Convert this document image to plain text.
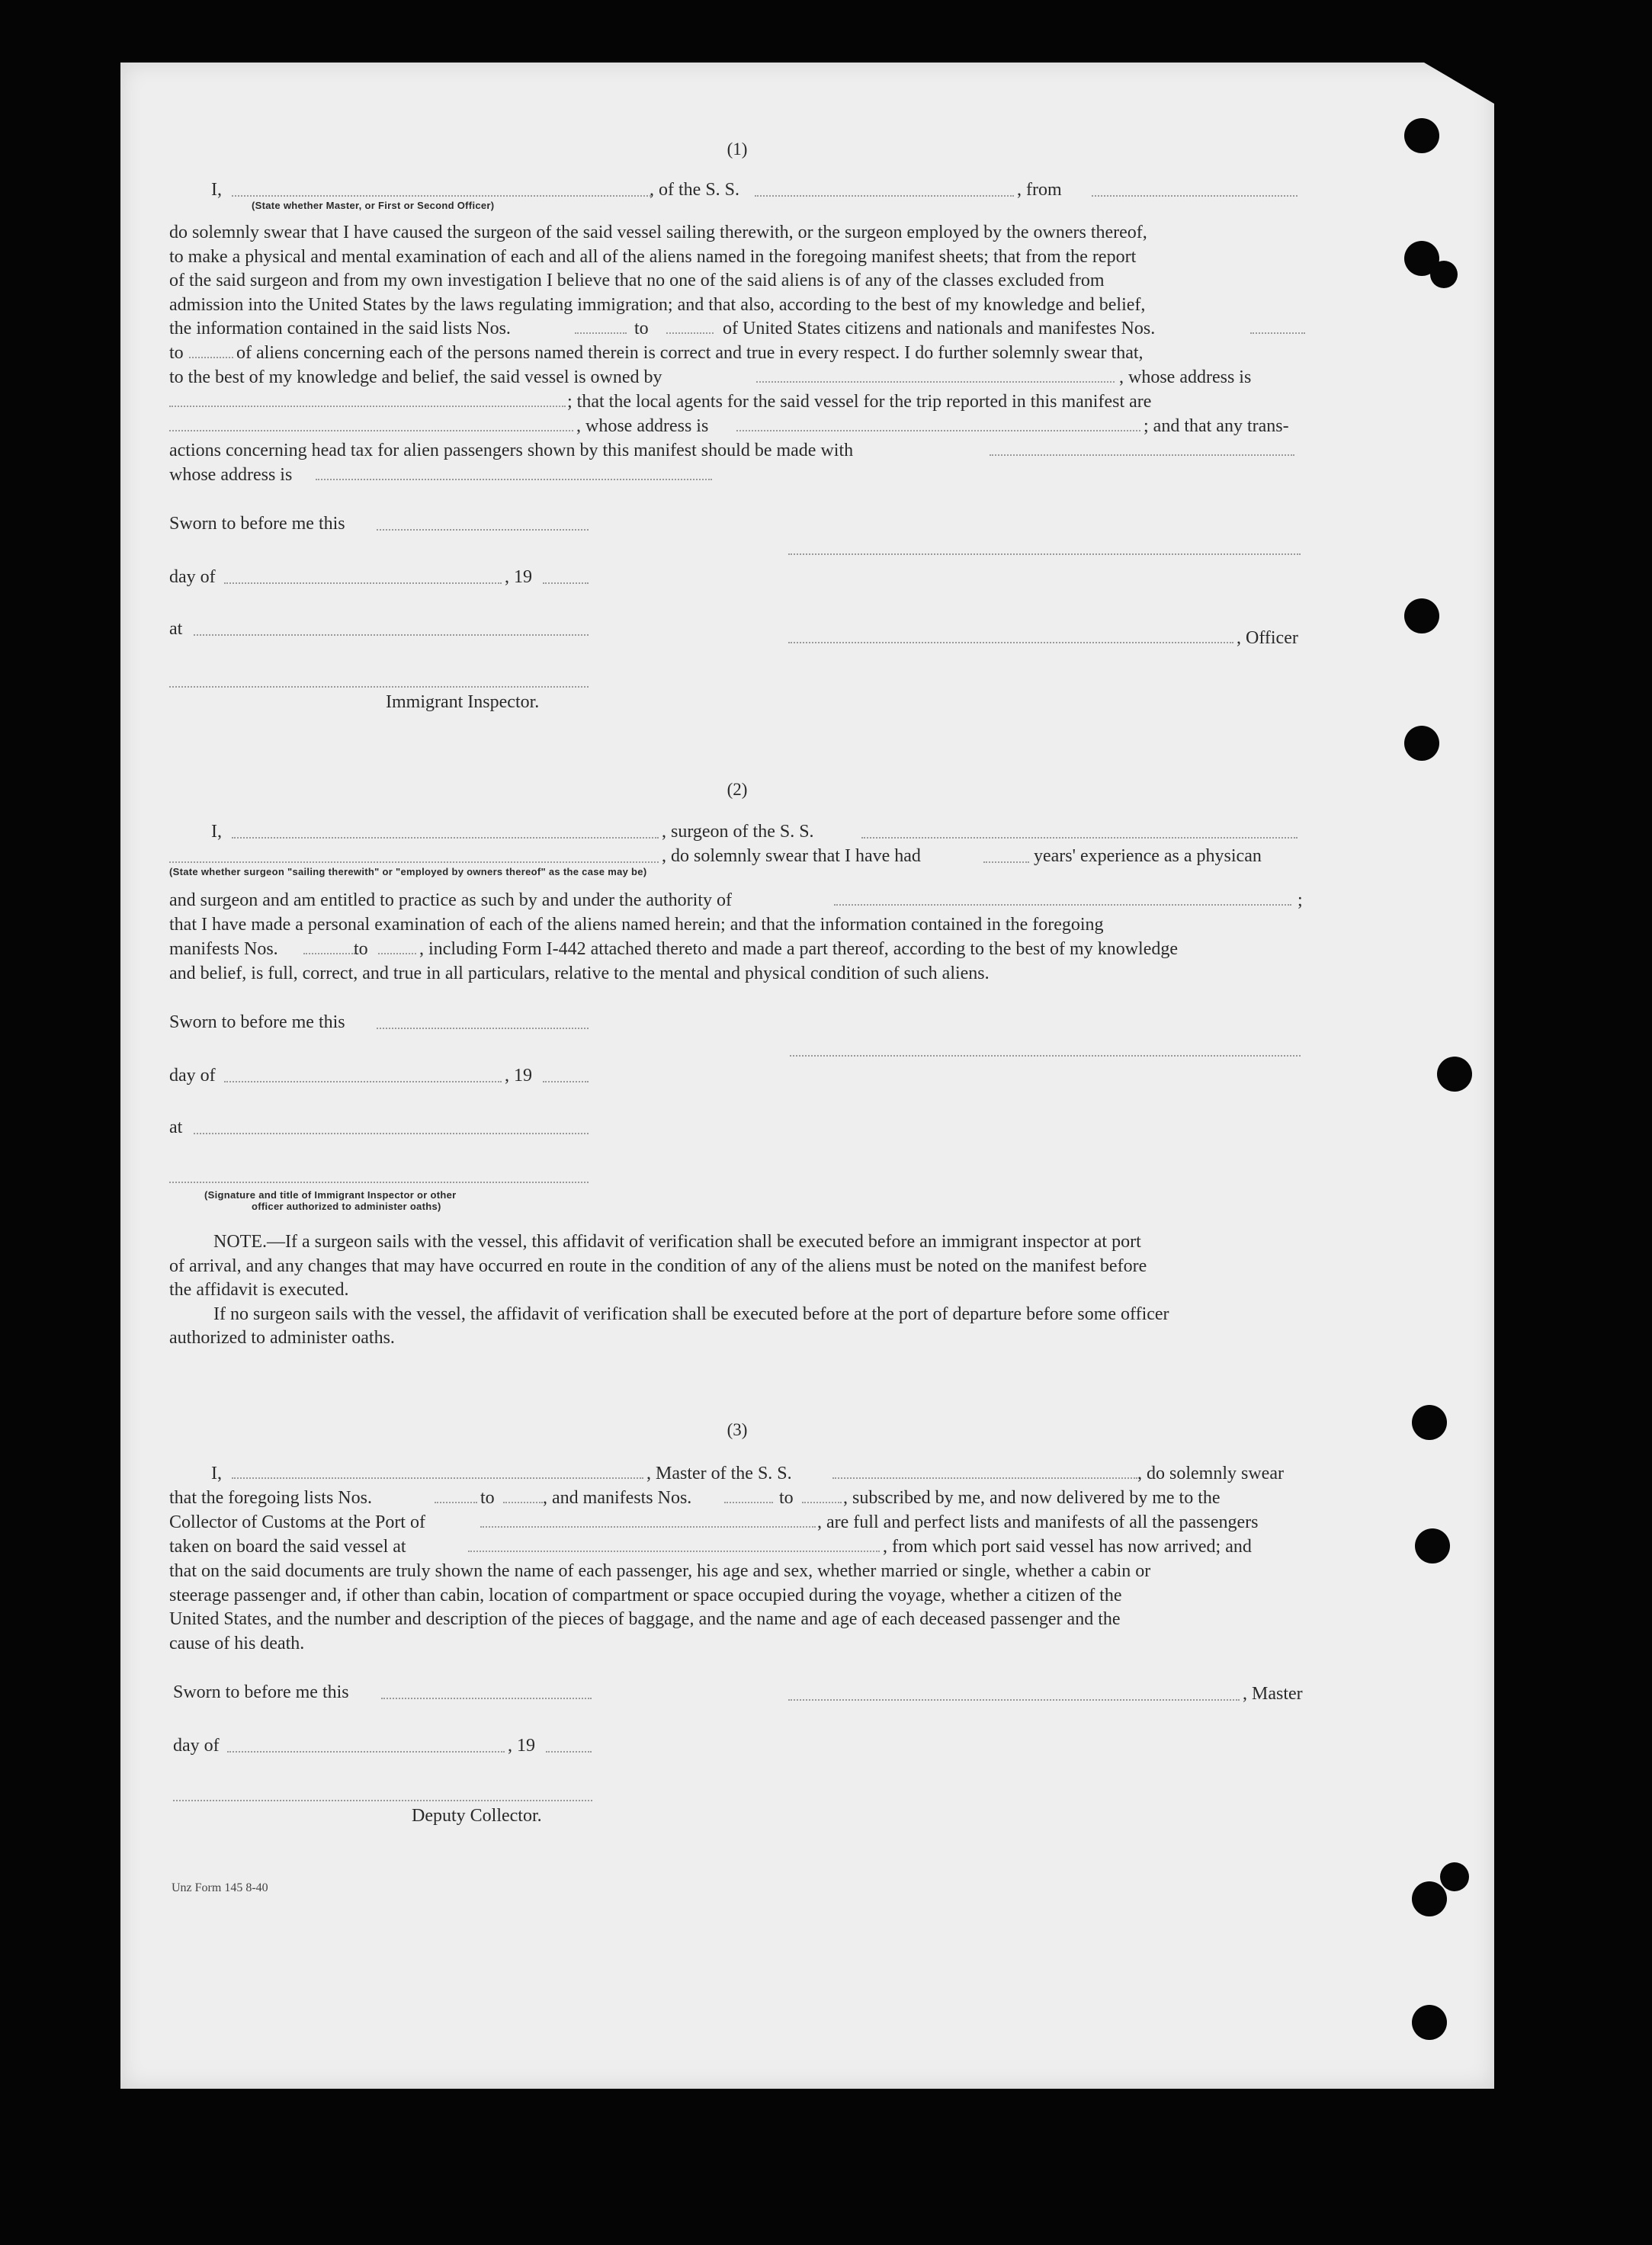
(1)
I,	, of the S. S.	, from
(State whether Master, or First or Second Officer)

do solemnly swear that I have caused the surgeon of the said vessel sailing therewith, or the surgeon employed by the owners thereof,

to make a physical and mental examination of each and all of the aliens named in the foregoing manifest sheets; that from the report

of the said surgeon and from my own investigation I believe that no one of the said aliens is of any of the classes excluded from

admission into the United States by the laws regulating immigration; and that also, according to the best of my knowledge and belief,

the information contained in the said lists Nos.	to	of United States citizens and nationals and manifestes Nos.
to	of aliens concerning each of the persons named therein is correct and true in every respect. I do further solemnly swear that,
to the best of my knowledge and belief, the said vessel is owned by	, whose address is
; that the local agents for the said vessel for the trip reported in this manifest are
, whose address is	; and that any trans-
actions concerning head tax for alien passengers shown by this manifest should be made with
whose address is
Sworn to before me this
day of	, 19
at	, Officer
Immigrant Inspector.
(2)
I,	, surgeon of the S. S.
, do solemnly swear that I have had	years' experience as a physican
(State whether surgeon "sailing therewith" or "employed by owners thereof" as the case may be)
and surgeon and am entitled to practice as such by and under the authority of	;

that I have made a personal examination of each of the aliens named herein; and that the information contained in the foregoing

manifests Nos.	to	, including Form I-442 attached thereto and made a part thereof, according to the best of my knowledge

and belief, is full, correct, and true in all particulars, relative to the mental and physical condition of such aliens.

Sworn to before me this
day of	, 19
at
(Signature and title of Immigrant Inspector or other
officer authorized to administer oaths)

NOTE.—If a surgeon sails with the vessel, this affidavit of verification shall be executed before an immigrant inspector at port

of arrival, and any changes that may have occurred en route in the condition of any of the aliens must be noted on the manifest before

the affidavit is executed.

If no surgeon sails with the vessel, the affidavit of verification shall be executed before at the port of departure before some officer

authorized to administer oaths.

(3)
I,	, Master of the S. S.	, do solemnly swear
that the foregoing lists Nos.	to	, and manifests Nos.	to	, subscribed by me, and now delivered by me to the
Collector of Customs at the Port of	, are full and perfect lists and manifests of all the passengers
taken on board the said vessel at	, from which port said vessel has now arrived; and

that on the said documents are truly shown the name of each passenger, his age and sex, whether married or single, whether a cabin or

steerage passenger and, if other than cabin, location of compartment or space occupied during the voyage, whether a citizen of the

United States, and the number and description of the pieces of baggage, and the name and age of each deceased passenger and the

cause of his death.

Sworn to before me this	, Master
day of	, 19
Deputy Collector.
Unz Form 145 8-40
